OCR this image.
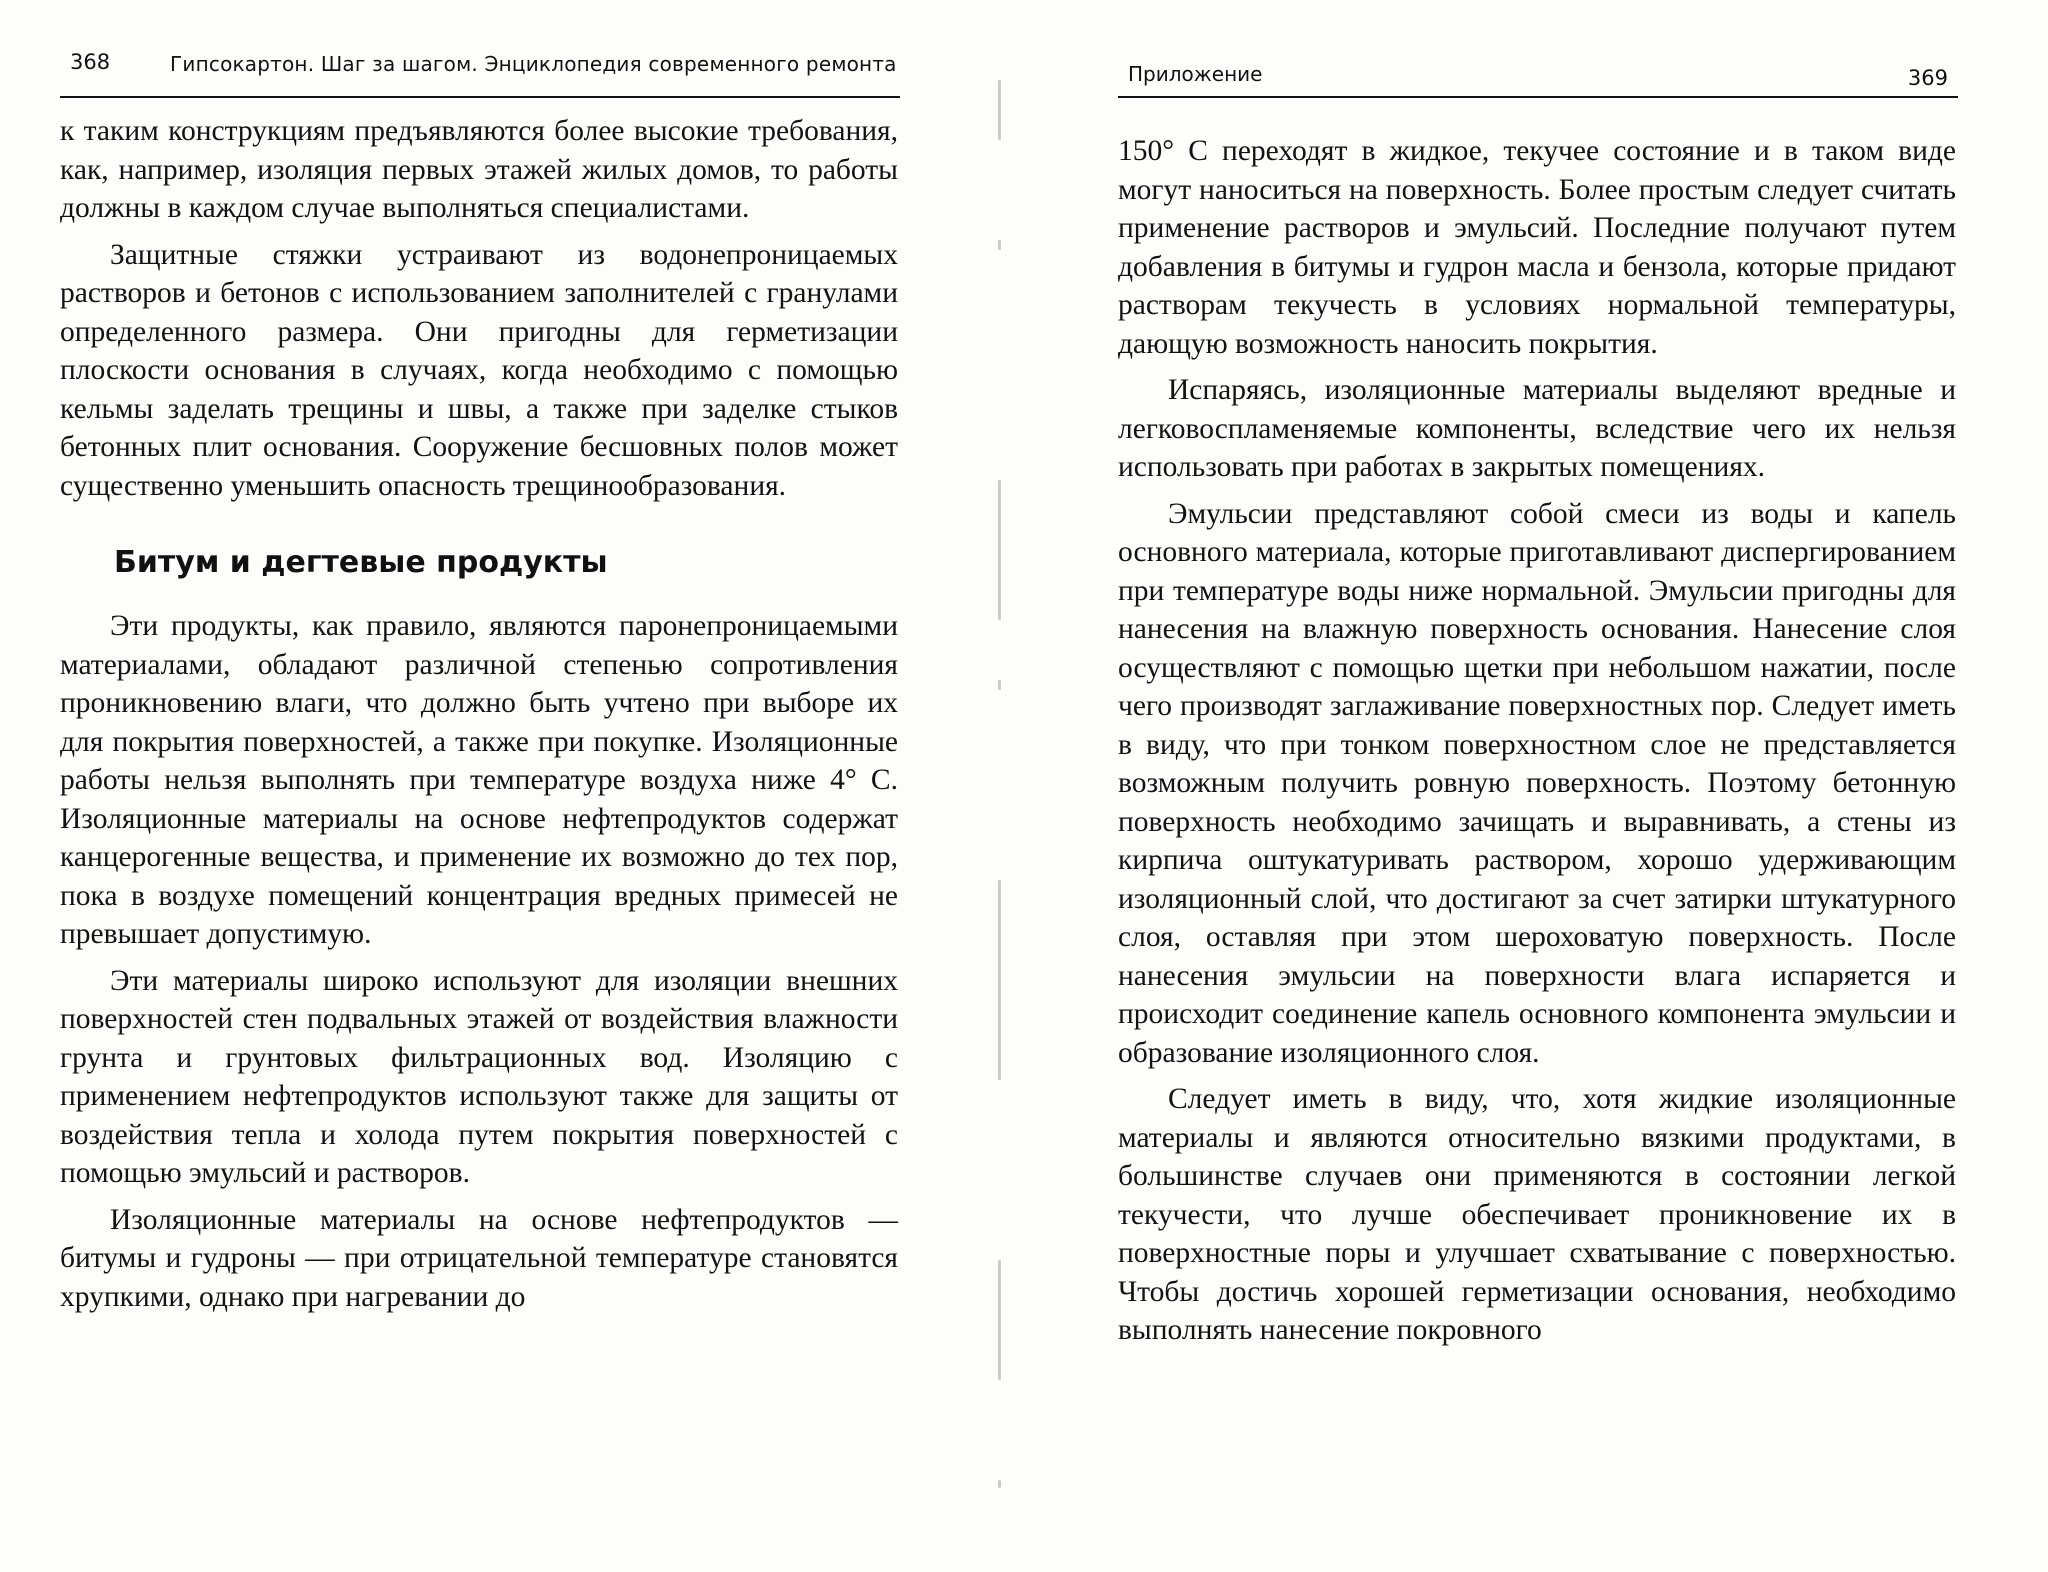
368	Гипсокартон. Шаг за шагом. Энциклопедия современного ремонта

к таким конструкциям предъявляются более высокие требования, как, например, изоляция первых этажей жилых домов, то работы должны в каждом случае выполняться специалистами.

Защитные стяжки устраивают из водонепроницаемых растворов и бетонов с использованием заполнителей с гранулами определенного размера. Они пригодны для герметизации плоскости основания в случаях, когда необходимо с помощью кельмы заделать трещины и швы, а также при заделке стыков бетонных плит основания. Сооружение бесшовных полов может существенно уменьшить опасность трещинообразования.

Битум и дегтевые продукты

Эти продукты, как правило, являются паронепроницаемыми материалами, обладают различной степенью сопротивления проникновению влаги, что должно быть учтено при выборе их для покрытия поверхностей, а также при покупке. Изоляционные работы нельзя выполнять при температуре воздуха ниже 4° С. Изоляционные материалы на основе нефтепродуктов содержат канцерогенные вещества, и применение их возможно до тех пор, пока в воздухе помещений концентрация вредных примесей не превышает допустимую.

Эти материалы широко используют для изоляции внешних поверхностей стен подвальных этажей от воздействия влажности грунта и грунтовых фильтрационных вод. Изоляцию с применением нефтепродуктов используют также для защиты от воздействия тепла и холода путем покрытия поверхностей с помощью эмульсий и растворов.

Изоляционные материалы на основе нефтепродуктов — битумы и гудроны — при отрицательной температуре становятся хрупкими, однако при нагревании до

Приложение	369

150° С переходят в жидкое, текучее состояние и в таком виде могут наноситься на поверхность. Более простым следует считать применение растворов и эмульсий. Последние получают путем добавления в битумы и гудрон масла и бензола, которые придают растворам текучесть в условиях нормальной температуры, дающую возможность наносить покрытия.

Испаряясь, изоляционные материалы выделяют вредные и легковоспламеняемые компоненты, вследствие чего их нельзя использовать при работах в закрытых помещениях.

Эмульсии представляют собой смеси из воды и капель основного материала, которые приготавливают диспергированием при температуре воды ниже нормальной. Эмульсии пригодны для нанесения на влажную поверхность основания. Нанесение слоя осуществляют с помощью щетки при небольшом нажатии, после чего производят заглаживание поверхностных пор. Следует иметь в виду, что при тонком поверхностном слое не представляется возможным получить ровную поверхность. Поэтому бетонную поверхность необходимо зачищать и выравнивать, а стены из кирпича оштукатуривать раствором, хорошо удерживающим изоляционный слой, что достигают за счет затирки штукатурного слоя, оставляя при этом шероховатую поверхность. После нанесения эмульсии на поверхности влага испаряется и происходит соединение капель основного компонента эмульсии и образование изоляционного слоя.

Следует иметь в виду, что, хотя жидкие изоляционные материалы и являются относительно вязкими продуктами, в большинстве случаев они применяются в состоянии легкой текучести, что лучше обеспечивает проникновение их в поверхностные поры и улучшает схватывание с поверхностью. Чтобы достичь хорошей герметизации основания, необходимо выполнять нанесение покровного
